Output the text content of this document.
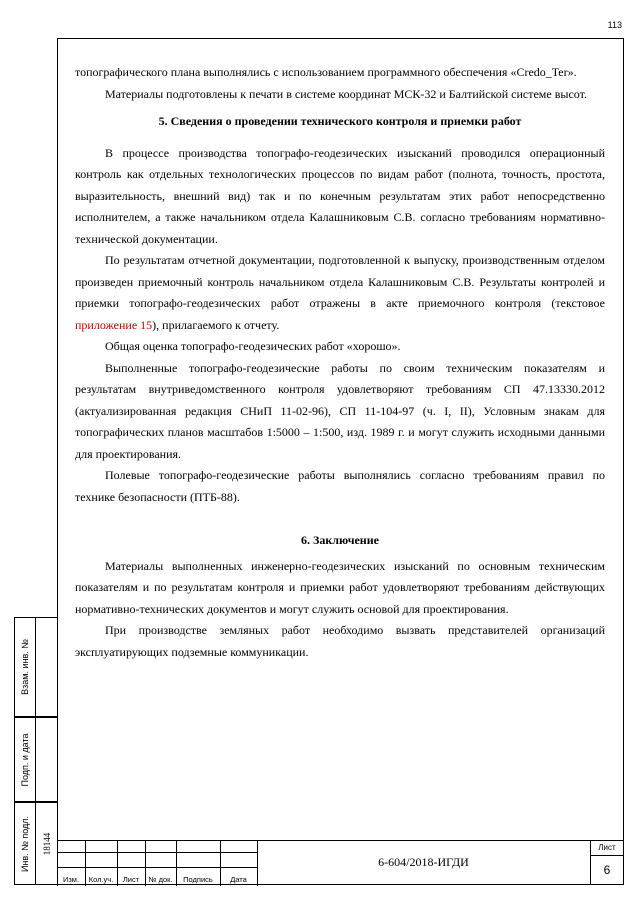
113

топографического плана выполнялись с использованием программного обеспечения «Credo_Ter».

Материалы подготовлены к печати в системе координат МСК-32 и Балтийской системе высот.

5. Сведения о проведении технического контроля и приемки работ

В процессе производства топографо-геодезических изысканий проводился операционный контроль как отдельных технологических процессов по видам работ (полнота, точность, простота, выразительность, внешний вид) так и по конечным результатам этих работ непосредственно исполнителем, а также начальником отдела Калашниковым С.В. согласно требованиям нормативно-технической документации.

По результатам отчетной документации, подготовленной к выпуску, производственным отделом произведен приемочный контроль начальником отдела Калашниковым С.В. Результаты контролей и приемки топографо-геодезических работ отражены в акте приемочного контроля (текстовое приложение 15), прилагаемого к отчету.

Общая оценка топографо-геодезических работ «хорошо».

Выполненные топографо-геодезические работы по своим техническим показателям и результатам внутриведомственного контроля удовлетворяют требованиям СП 47.13330.2012 (актуализированная редакция СНиП 11-02-96), СП 11-104-97 (ч. I, II), Условным знакам для топографических планов масштабов 1:5000 – 1:500, изд. 1989 г. и могут служить исходными данными для проектирования.

Полевые топографо-геодезические работы выполнялись согласно требованиям правил по технике безопасности (ПТБ-88).

6. Заключение

Материалы выполненных инженерно-геодезических изысканий по основным техническим показателям и по результатам контроля и приемки работ удовлетворяют требованиям действующих нормативно-технических документов и могут служить основой для проектирования.

При производстве земляных работ необходимо вызвать представителей организаций эксплуатирующих подземные коммуникации.

Взам. инв. №
Подп. и дата
Инв. № подл. 18144
Изм.	Кол.уч.	Лист	№ док.	Подпись	Дата
6-604/2018-ИГДИ
Лист
6
